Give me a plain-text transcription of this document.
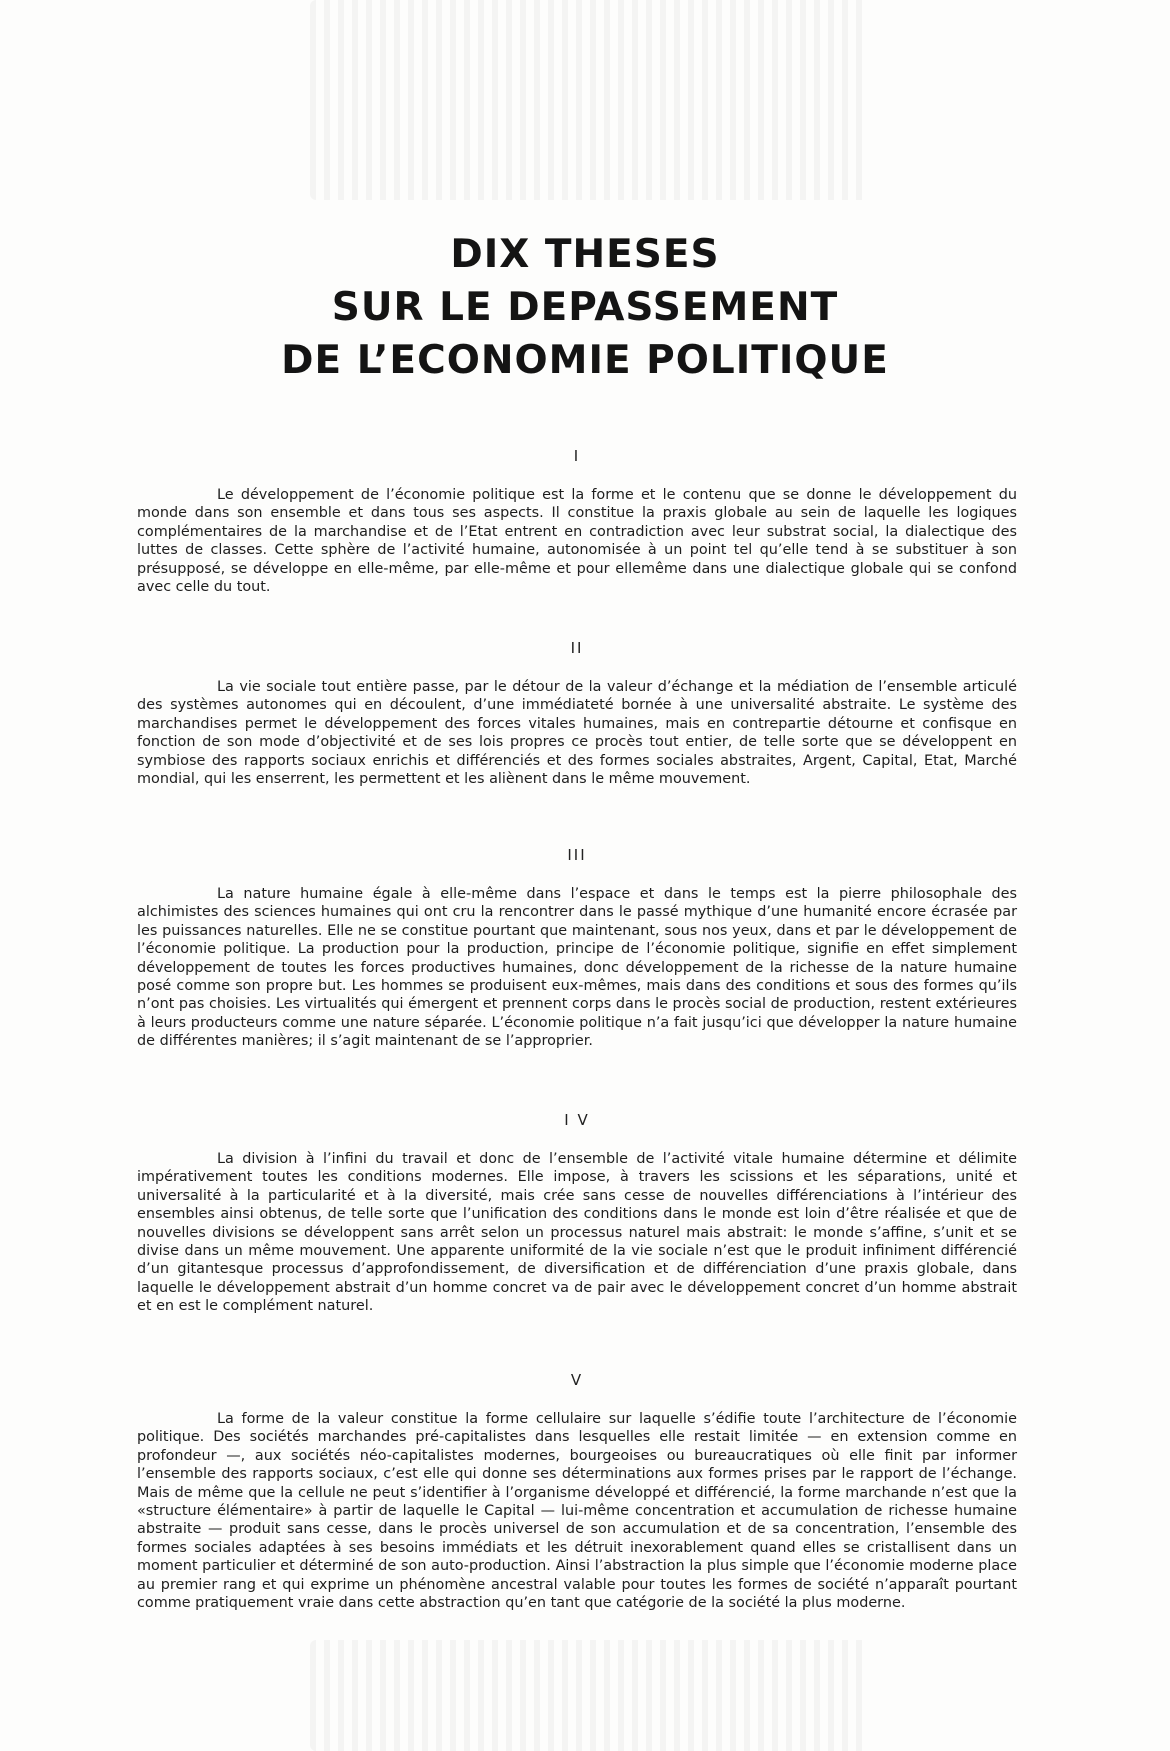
DIX THESES
SUR LE DEPASSEMENT
DE L’ECONOMIE POLITIQUE

I

Le développement de l’économie politique est la forme et le contenu que se donne le développement du monde dans son ensemble et dans tous ses aspects. Il constitue la praxis globale au sein de laquelle les logiques complémentaires de la marchandise et de l’Etat entrent en contradiction avec leur substrat social, la dialectique des luttes de classes. Cette sphère de l’activité humaine, autonomisée à un point tel qu’elle tend à se substituer à son présupposé, se développe en elle-même, par elle-même et pour ellemême dans une dialectique globale qui se confond avec celle du tout.

II

La vie sociale tout entière passe, par le détour de la valeur d’échange et la médiation de l’ensemble articulé des systèmes autonomes qui en découlent, d’une immédiateté bornée à une universalité abstraite. Le système des marchandises permet le développement des forces vitales humaines, mais en contrepartie détourne et confisque en fonction de son mode d’objectivité et de ses lois propres ce procès tout entier, de telle sorte que se développent en symbiose des rapports sociaux enrichis et différenciés et des formes sociales abstraites, Argent, Capital, Etat, Marché mondial, qui les enserrent, les permettent et les aliènent dans le même mouvement.

III

La nature humaine égale à elle-même dans l’espace et dans le temps est la pierre philosophale des alchimistes des sciences humaines qui ont cru la rencontrer dans le passé mythique d’une humanité encore écrasée par les puissances naturelles. Elle ne se constitue pourtant que maintenant, sous nos yeux, dans et par le développement de l’économie politique. La production pour la production, principe de l’économie politique, signifie en effet simplement développement de toutes les forces productives humaines, donc développement de la richesse de la nature humaine posé comme son propre but. Les hommes se produisent eux-mêmes, mais dans des conditions et sous des formes qu’ils n’ont pas choisies. Les virtualités qui émergent et prennent corps dans le procès social de production, restent extérieures à leurs producteurs comme une nature séparée. L’économie politique n’a fait jusqu’ici que développer la nature humaine de différentes manières; il s’agit maintenant de se l’approprier.

I V

La division à l’infini du travail et donc de l’ensemble de l’activité vitale humaine détermine et délimite impérativement toutes les conditions modernes. Elle impose, à travers les scissions et les séparations, unité et universalité à la particularité et à la diversité, mais crée sans cesse de nouvelles différenciations à l’intérieur des ensembles ainsi obtenus, de telle sorte que l’unification des conditions dans le monde est loin d’être réalisée et que de nouvelles divisions se développent sans arrêt selon un processus naturel mais abstrait: le monde s’affine, s’unit et se divise dans un même mouvement. Une apparente uniformité de la vie sociale n’est que le produit infiniment différencié d’un gitantesque processus d’approfondissement, de diversification et de différenciation d’une praxis globale, dans laquelle le développement abstrait d’un homme concret va de pair avec le développement concret d’un homme abstrait et en est le complément naturel.

V

La forme de la valeur constitue la forme cellulaire sur laquelle s’édifie toute l’architecture de l’économie politique. Des sociétés marchandes pré-capitalistes dans lesquelles elle restait limitée — en extension comme en profondeur —, aux sociétés néo-capitalistes modernes, bourgeoises ou bureaucratiques où elle finit par informer l’ensemble des rapports sociaux, c’est elle qui donne ses déterminations aux formes prises par le rapport de l’échange. Mais de même que la cellule ne peut s’identifier à l’organisme développé et différencié, la forme marchande n’est que la «structure élémentaire» à partir de laquelle le Capital — lui-même concentration et accumulation de richesse humaine abstraite — produit sans cesse, dans le procès universel de son accumulation et de sa concentration, l’ensemble des formes sociales adaptées à ses besoins immédiats et les détruit inexorablement quand elles se cristallisent dans un moment particulier et déterminé de son auto-production. Ainsi l’abstraction la plus simple que l’économie moderne place au premier rang et qui exprime un phénomène ancestral valable pour toutes les formes de société n’apparaît pourtant comme pratiquement vraie dans cette abstraction qu’en tant que catégorie de la société la plus moderne.
